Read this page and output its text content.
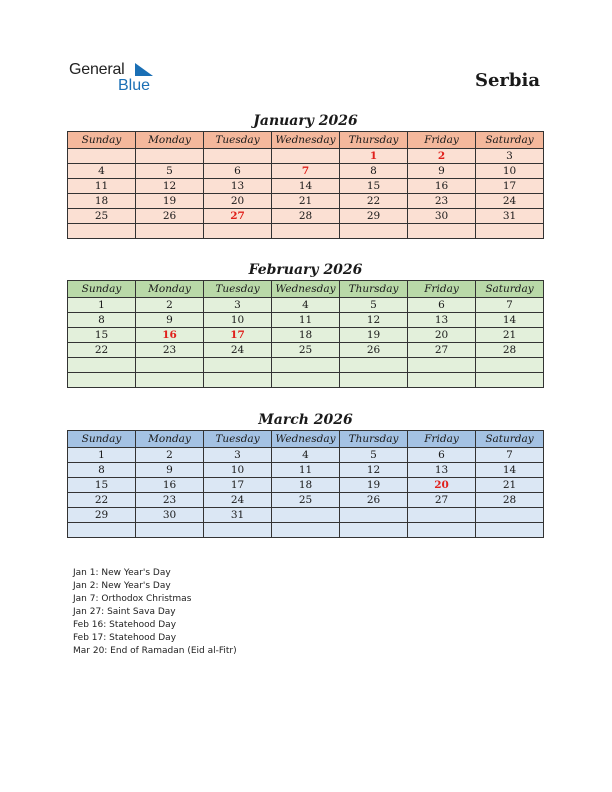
General
Blue	Serbia
January 2026
Sunday	Monday	Tuesday	Wednesday	Thursday	Friday	Saturday
				1	2	3
4	5	6	7	8	9	10
11	12	13	14	15	16	17
18	19	20	21	22	23	24
25	26	27	28	29	30	31

February 2026
Sunday	Monday	Tuesday	Wednesday	Thursday	Friday	Saturday
1	2	3	4	5	6	7
8	9	10	11	12	13	14
15	16	17	18	19	20	21
22	23	24	25	26	27	28

March 2026
Sunday	Monday	Tuesday	Wednesday	Thursday	Friday	Saturday
1	2	3	4	5	6	7
8	9	10	11	12	13	14
15	16	17	18	19	20	21
22	23	24	25	26	27	28
29	30	31				

Jan 1: New Year's Day
Jan 2: New Year's Day
Jan 7: Orthodox Christmas
Jan 27: Saint Sava Day
Feb 16: Statehood Day
Feb 17: Statehood Day
Mar 20: End of Ramadan (Eid al-Fitr)
